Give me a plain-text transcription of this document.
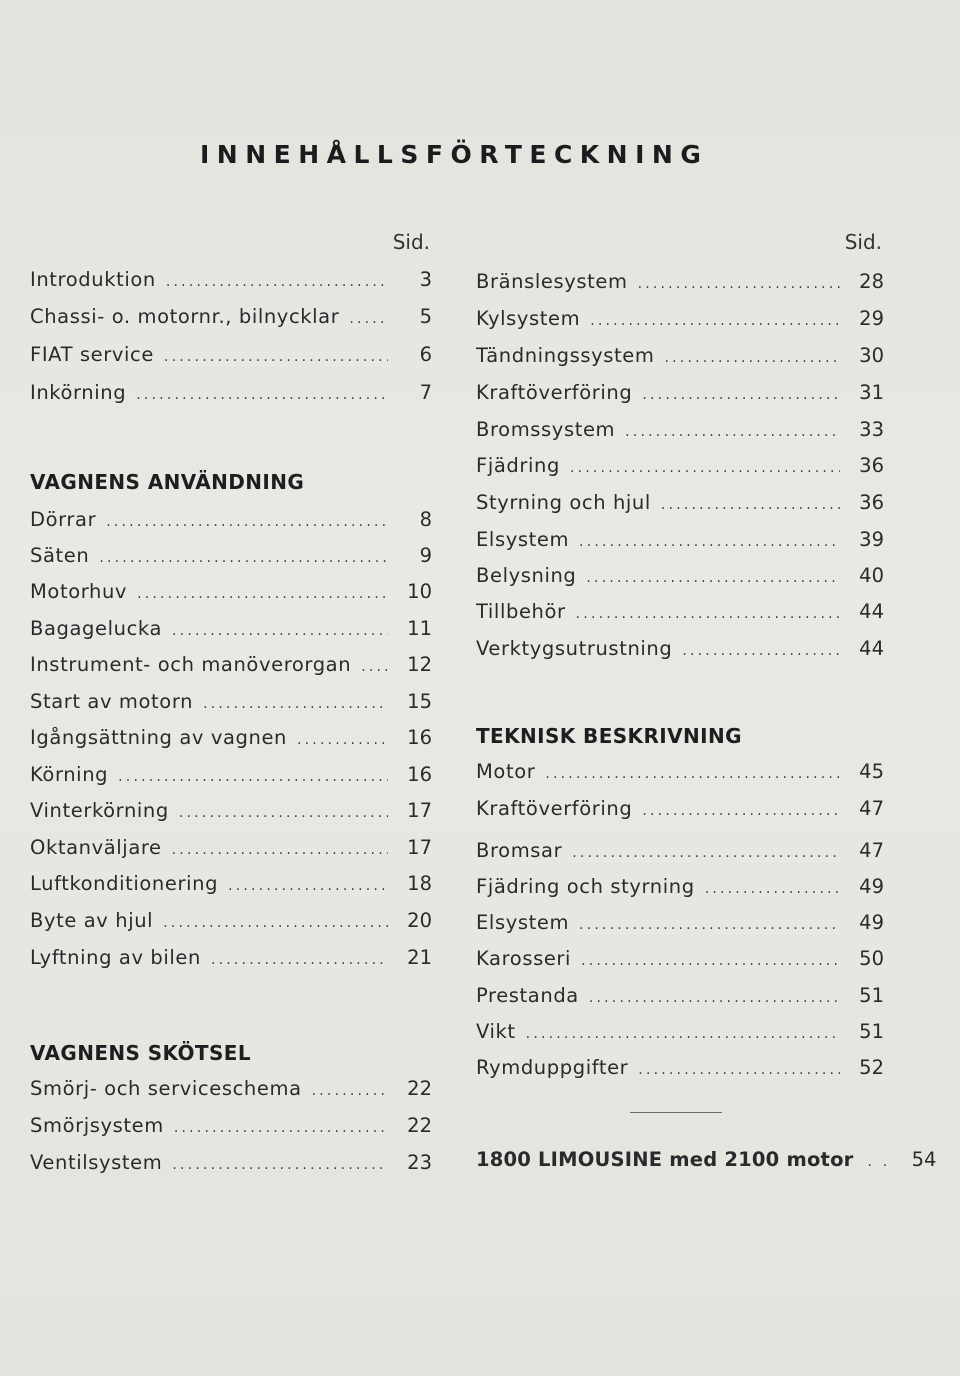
INNEHÅLLSFÖRTECKNING
Sid.
Introduktion .....	3
Chassi- o. motornr., bilnycklar .....	5
FIAT service .....	6
Inkörning .....	7
VAGNENS ANVÄNDNING
Dörrar .....	8
Säten .....	9
Motorhuv .....	10
Bagagelucka .....	11
Instrument- och manöverorgan .....	12
Start av motorn .....	15
Igångsättning av vagnen .....	16
Körning .....	16
Vinterkörning .....	17
Oktanväljare .....	17
Luftkonditionering .....	18
Byte av hjul .....	20
Lyftning av bilen .....	21
VAGNENS SKÖTSEL
Smörj- och serviceschema .....	22
Smörjsystem .....	22
Ventilsystem .....	23
Sid.
Bränslesystem .....	28
Kylsystem .....	29
Tändningssystem .....	30
Kraftöverföring .....	31
Bromssystem .....	33
Fjädring .....	36
Styrning och hjul .....	36
Elsystem .....	39
Belysning .....	40
Tillbehör .....	44
Verktygsutrustning .....	44
TEKNISK BESKRIVNING
Motor .....	45
Kraftöverföring .....	47
Bromsar .....	47
Fjädring och styrning .....	49
Elsystem .....	49
Karosseri .....	50
Prestanda .....	51
Vikt .....	51
Rymduppgifter .....	52
1800 LIMOUSINE med 2100 motor . .	54
